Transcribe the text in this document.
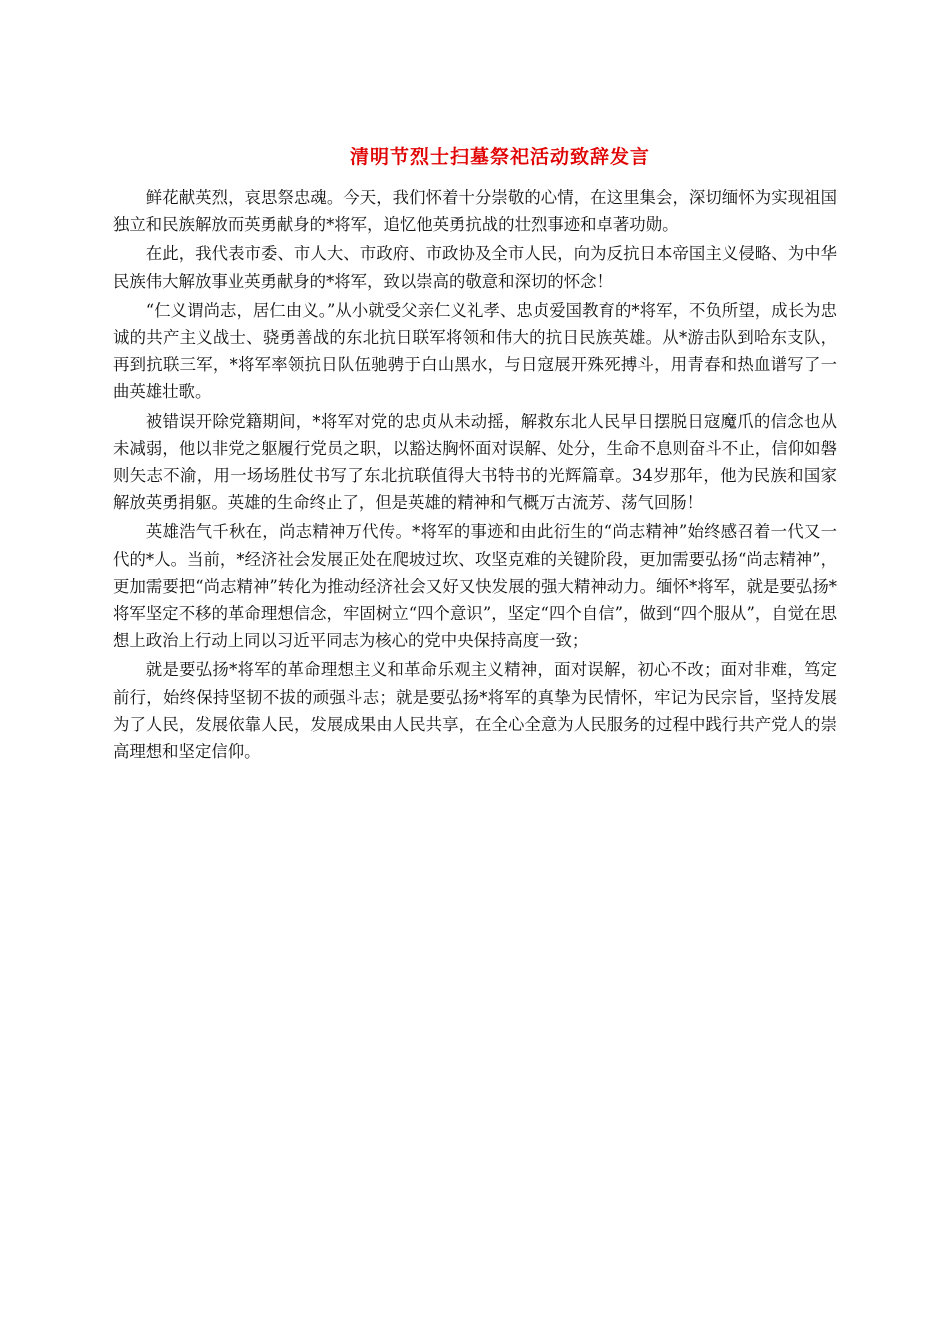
清明节烈士扫墓祭祀活动致辞发言

鲜花献英烈，哀思祭忠魂。今天，我们怀着十分崇敬的心情，在这里集会，深切缅怀为实现祖国独立和民族解放而英勇献身的*将军，追忆他英勇抗战的壮烈事迹和卓著功勋。

在此，我代表市委、市人大、市政府、市政协及全市人民，向为反抗日本帝国主义侵略、为中华民族伟大解放事业英勇献身的*将军，致以崇高的敬意和深切的怀念！

“仁义谓尚志，居仁由义。”从小就受父亲仁义礼孝、忠贞爱国教育的*将军，不负所望，成长为忠诚的共产主义战士、骁勇善战的东北抗日联军将领和伟大的抗日民族英雄。从*游击队到哈东支队，再到抗联三军，*将军率领抗日队伍驰骋于白山黑水，与日寇展开殊死搏斗，用青春和热血谱写了一曲英雄壮歌。

被错误开除党籍期间，*将军对党的忠贞从未动摇，解救东北人民早日摆脱日寇魔爪的信念也从未减弱，他以非党之躯履行党员之职，以豁达胸怀面对误解、处分，生命不息则奋斗不止，信仰如磐则矢志不渝，用一场场胜仗书写了东北抗联值得大书特书的光辉篇章。34岁那年，他为民族和国家解放英勇捐躯。英雄的生命终止了，但是英雄的精神和气概万古流芳、荡气回肠！

英雄浩气千秋在，尚志精神万代传。*将军的事迹和由此衍生的“尚志精神”始终感召着一代又一代的*人。当前，*经济社会发展正处在爬坡过坎、攻坚克难的关键阶段，更加需要弘扬“尚志精神”，更加需要把“尚志精神”转化为推动经济社会又好又快发展的强大精神动力。缅怀*将军，就是要弘扬*将军坚定不移的革命理想信念，牢固树立“四个意识”，坚定“四个自信”，做到“四个服从”，自觉在思想上政治上行动上同以习近平同志为核心的党中央保持高度一致；

就是要弘扬*将军的革命理想主义和革命乐观主义精神，面对误解，初心不改；面对非难，笃定前行，始终保持坚韧不拔的顽强斗志；就是要弘扬*将军的真挚为民情怀，牢记为民宗旨，坚持发展为了人民，发展依靠人民，发展成果由人民共享，在全心全意为人民服务的过程中践行共产党人的崇高理想和坚定信仰。
